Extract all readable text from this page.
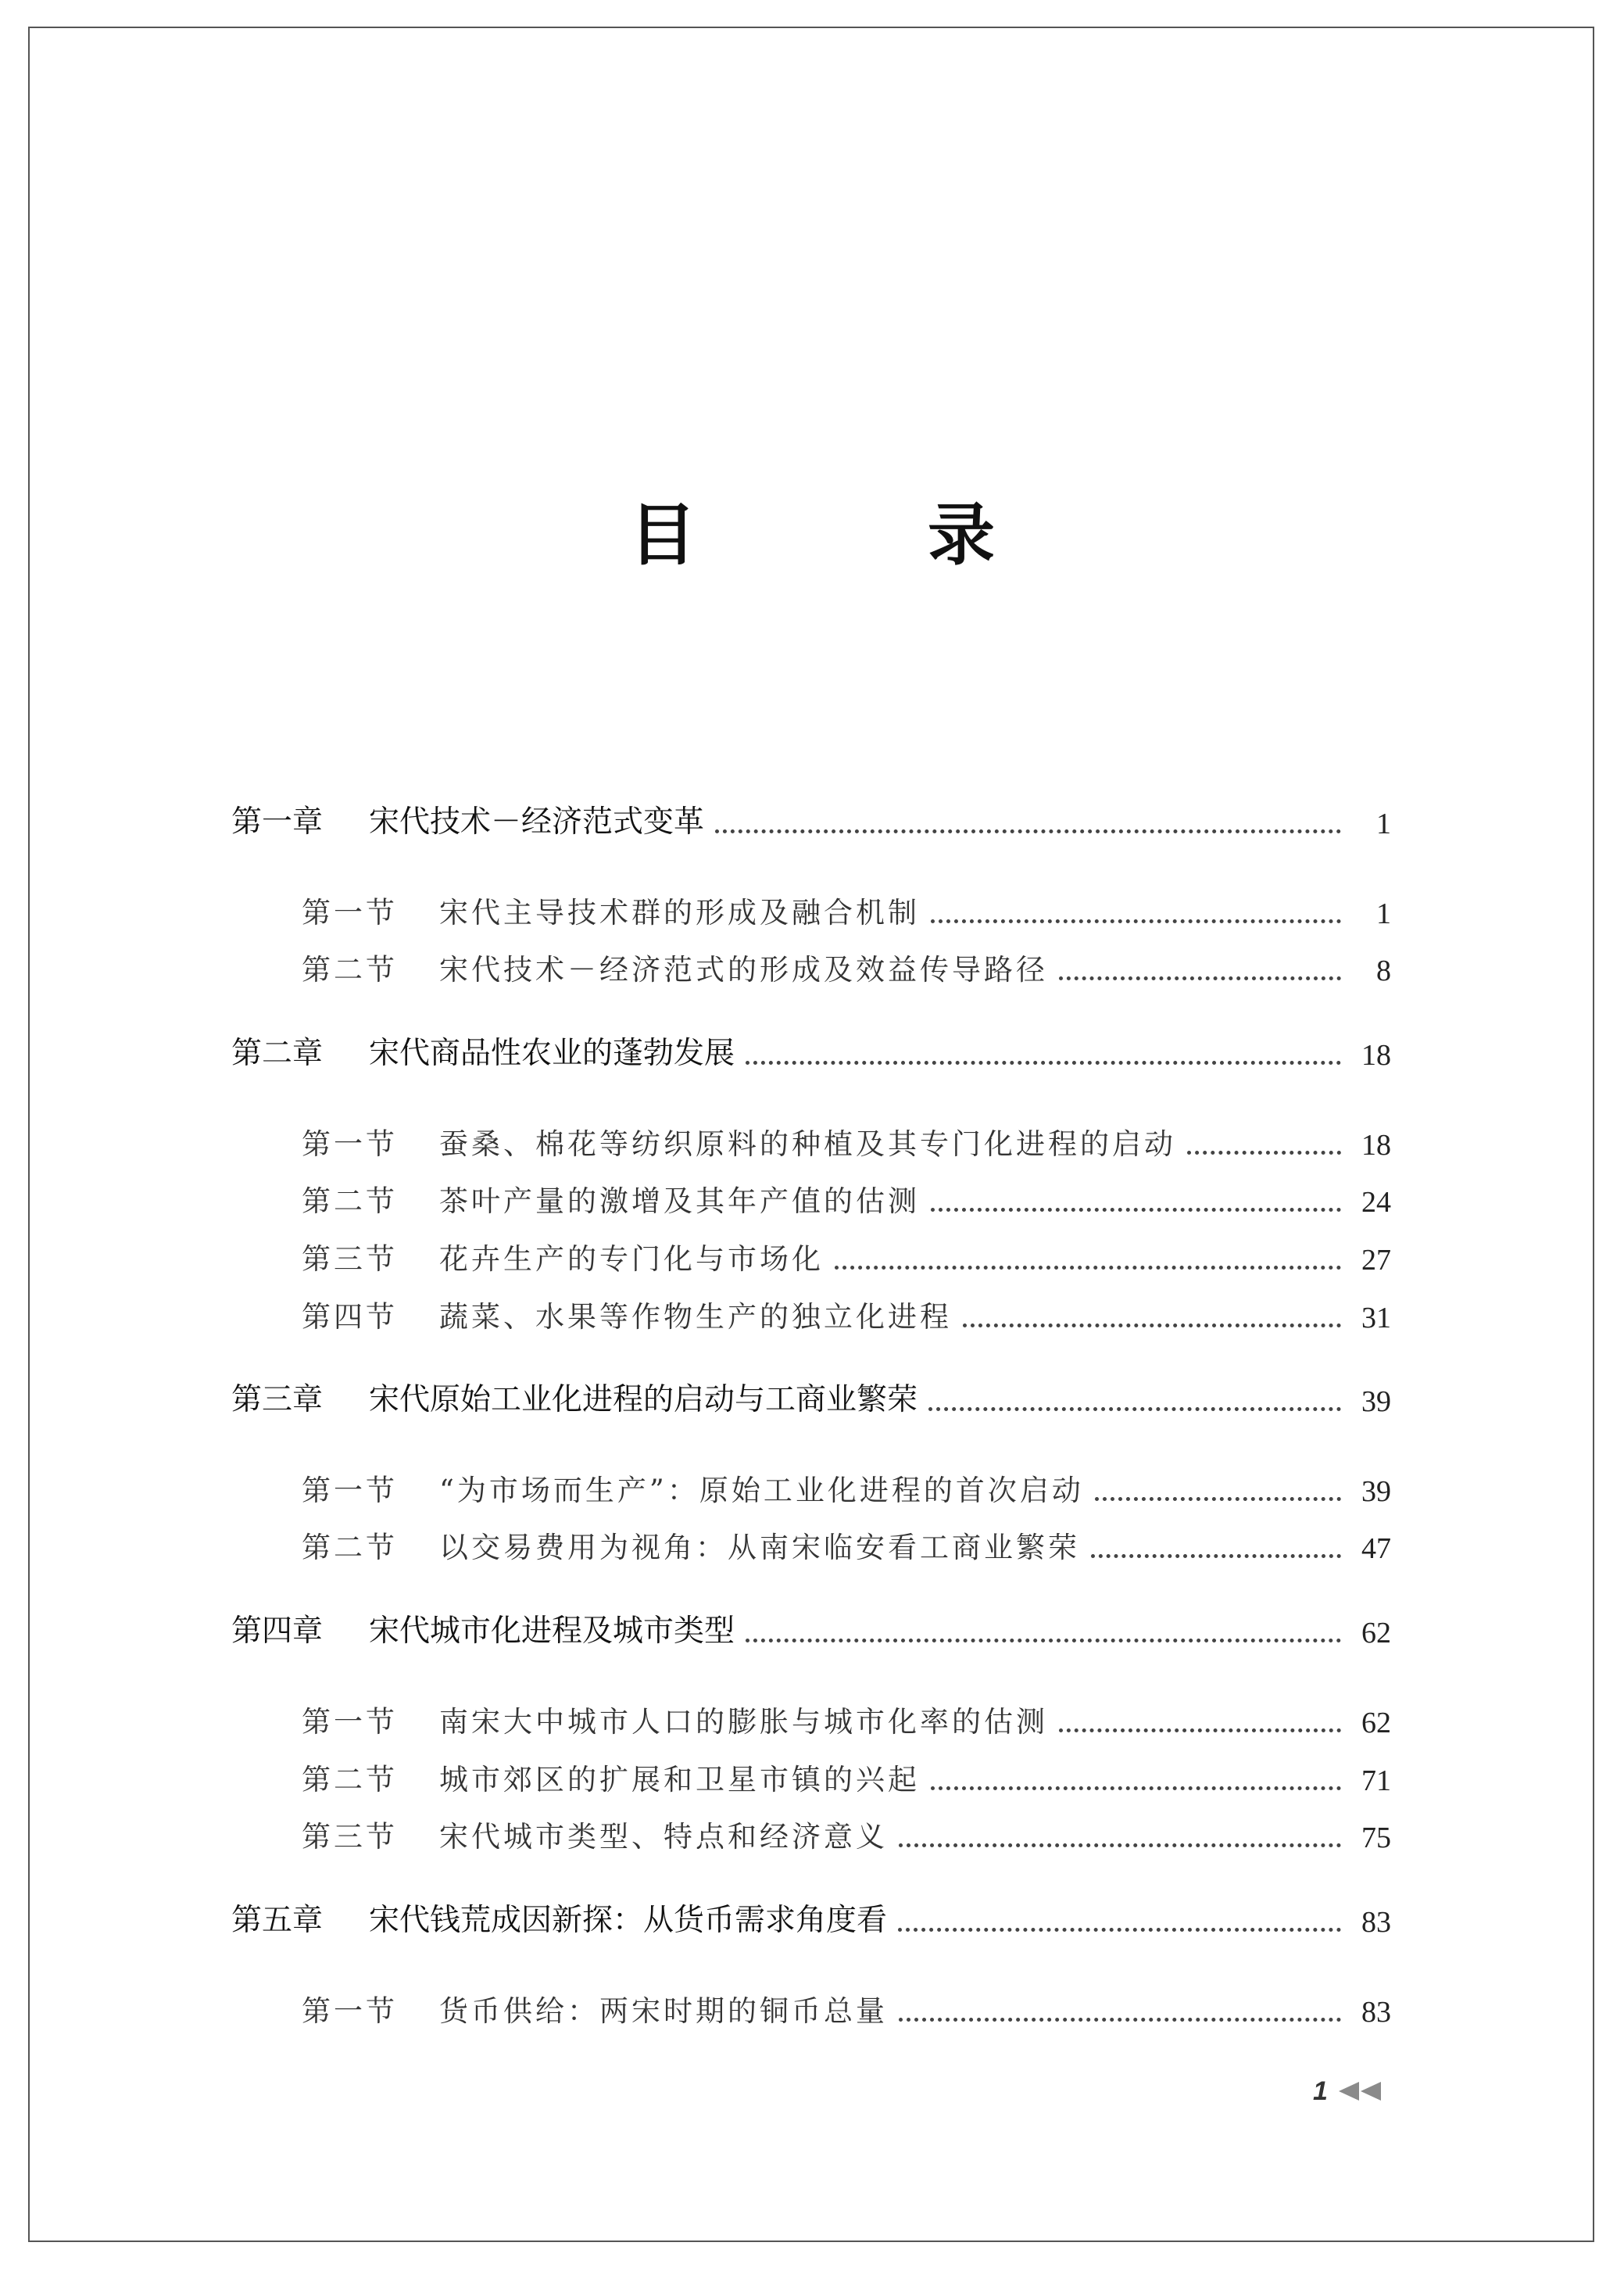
目　录
第一章	宋代技术－经济范式变革	1
第一节	宋代主导技术群的形成及融合机制	1
第二节	宋代技术－经济范式的形成及效益传导路径	8
第二章	宋代商品性农业的蓬勃发展	18
第一节	蚕桑、棉花等纺织原料的种植及其专门化进程的启动	18
第二节	茶叶产量的激增及其年产值的估测	24
第三节	花卉生产的专门化与市场化	27
第四节	蔬菜、水果等作物生产的独立化进程	31
第三章	宋代原始工业化进程的启动与工商业繁荣	39
第一节	“为市场而生产”：原始工业化进程的首次启动	39
第二节	以交易费用为视角：从南宋临安看工商业繁荣	47
第四章	宋代城市化进程及城市类型	62
第一节	南宋大中城市人口的膨胀与城市化率的估测	62
第二节	城市郊区的扩展和卫星市镇的兴起	71
第三节	宋代城市类型、特点和经济意义	75
第五章	宋代钱荒成因新探：从货币需求角度看	83
第一节	货币供给：两宋时期的铜币总量	83
1
